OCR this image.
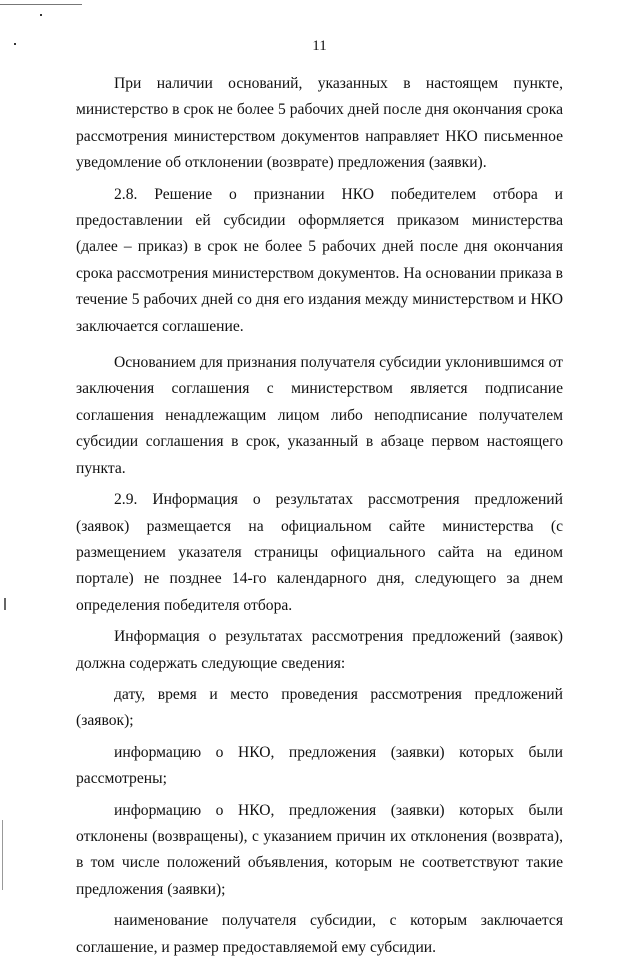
11

При наличии оснований, указанных в настоящем пункте, министерство в срок не более 5 рабочих дней после дня окончания срока рассмотрения министерством документов направляет НКО письменное уведомление об отклонении (возврате) предложения (заявки).

2.8. Решение о признании НКО победителем отбора и предоставлении ей субсидии оформляется приказом министерства (далее – приказ) в срок не более 5 рабочих дней после дня окончания срока рассмотрения министерством документов. На основании приказа в течение 5 рабочих дней со дня его издания между министерством и НКО заключается соглашение.

Основанием для признания получателя субсидии уклонившимся от заключения соглашения с министерством является подписание соглашения ненадлежащим лицом либо неподписание получателем субсидии соглашения в срок, указанный в абзаце первом настоящего пункта.

2.9. Информация о результатах рассмотрения предложений (заявок) размещается на официальном сайте министерства (с размещением указателя страницы официального сайта на едином портале) не позднее 14-го календарного дня, следующего за днем определения победителя отбора.

Информация о результатах рассмотрения предложений (заявок) должна содержать следующие сведения:

дату, время и место проведения рассмотрения предложений (заявок);

информацию о НКО, предложения (заявки) которых были рассмотрены;

информацию о НКО, предложения (заявки) которых были отклонены (возвращены), с указанием причин их отклонения (возврата), в том числе положений объявления, которым не соответствуют такие предложения (заявки);

наименование получателя субсидии, с которым заключается соглашение, и размер предоставляемой ему субсидии.
